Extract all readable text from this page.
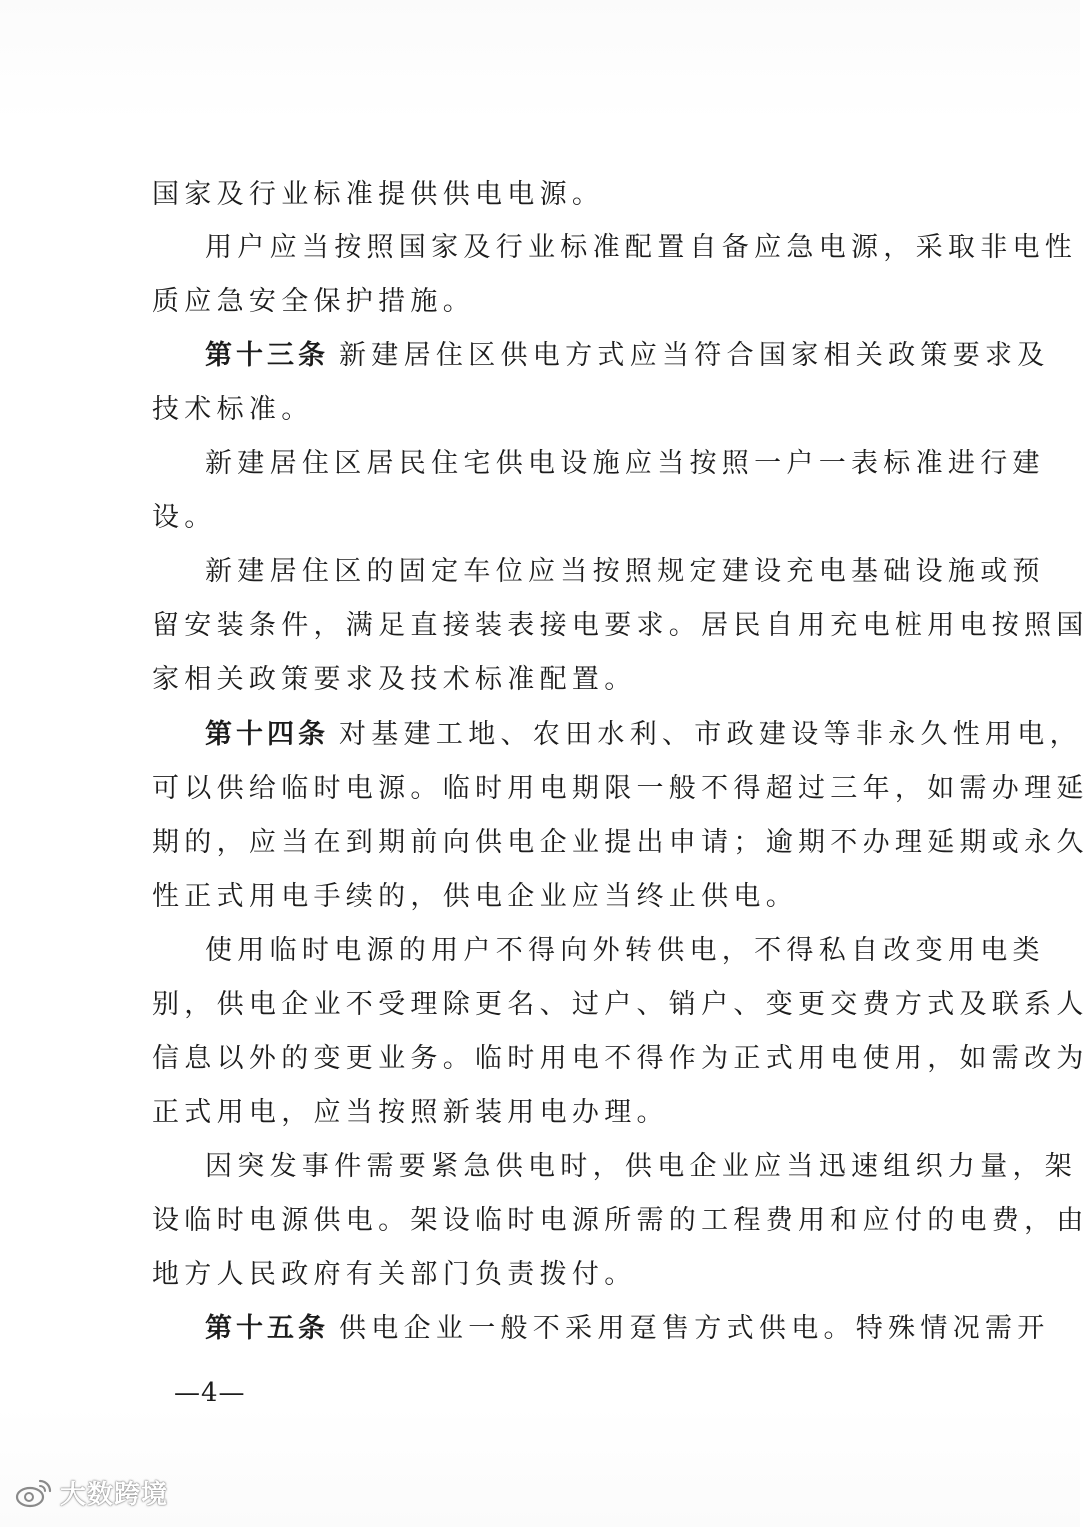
国家及行业标准提供供电电源。
用户应当按照国家及行业标准配置自备应急电源，采取非电性
质应急安全保护措施。
第十三条 新建居住区供电方式应当符合国家相关政策要求及
技术标准。
新建居住区居民住宅供电设施应当按照一户一表标准进行建
设。
新建居住区的固定车位应当按照规定建设充电基础设施或预
留安装条件，满足直接装表接电要求。居民自用充电桩用电按照国
家相关政策要求及技术标准配置。
第十四条 对基建工地、农田水利、市政建设等非永久性用电，
可以供给临时电源。临时用电期限一般不得超过三年，如需办理延
期的，应当在到期前向供电企业提出申请；逾期不办理延期或永久
性正式用电手续的，供电企业应当终止供电。
使用临时电源的用户不得向外转供电，不得私自改变用电类
别，供电企业不受理除更名、过户、销户、变更交费方式及联系人
信息以外的变更业务。临时用电不得作为正式用电使用，如需改为
正式用电，应当按照新装用电办理。
因突发事件需要紧急供电时，供电企业应当迅速组织力量，架
设临时电源供电。架设临时电源所需的工程费用和应付的电费，由
地方人民政府有关部门负责拨付。
第十五条 供电企业一般不采用趸售方式供电。特殊情况需开
—4—
大数跨境
